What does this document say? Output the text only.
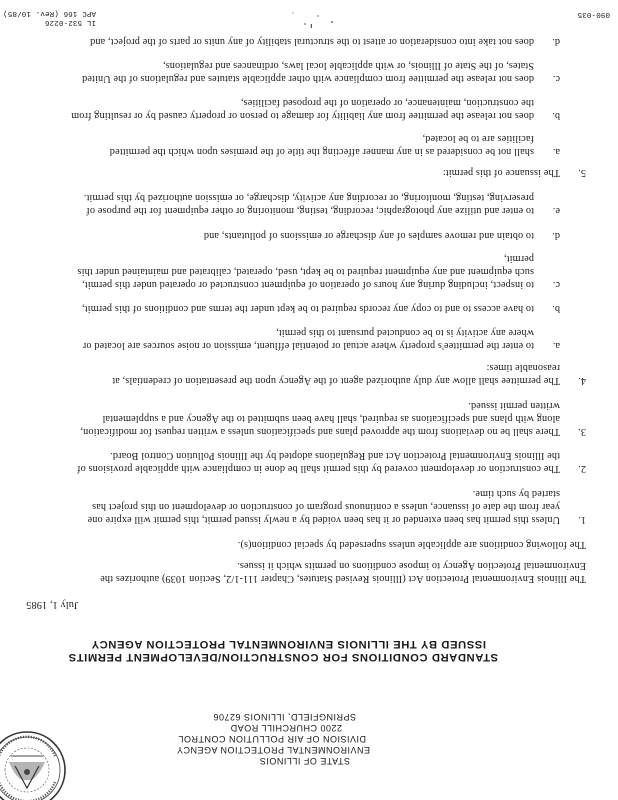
STATE OF ILLINOIS
ENVIRONMENTAL PROTECTION AGENCY
DIVISION OF AIR POLLUTION CONTROL
2200 CHURCHILL ROAD
SPRINGFIELD, ILLINOIS 62706
STANDARD CONDITIONS FOR CONSTRUCTION/DEVELOPMENT PERMITS
ISSUED BY THE ILLINOIS ENVIRONMENTAL PROTECTION AGENCY
July 1, 1985
The Illinois Environmental Protection Act (Illinois Revised Statutes, Chapter 111-1/2, Section 1039) authorizes the
Environmental Protection Agency to impose conditions on permits which it issues.
The following conditions are applicable unless superseded by special condition(s).
1.Unless this permit has been extended or it has been voided by a newly issued permit, this permit will expire one
year from the date of issuance, unless a continuous program of construction or development on this project has
started by such time.
2.The construction or development covered by this permit shall be done in compliance with applicable provisions of
the Illinois Environmental Protection Act and Regulations adopted by the Illinois Pollution Control Board.
3.There shall be no deviations from the approved plans and specifications unless a written request for modification,
along with plans and specifications as required, shall have been submitted to the Agency and a supplemental
written permit issued.
4.The permittee shall allow any duly authorized agent of the Agency upon the presentation of credentials, at
reasonable times:
a.to enter the permittee's property where actual or potential effluent, emission or noise sources are located or
where any activity is to be conducted pursuant to this permit,
b.to have access to and to copy any records required to be kept under the terms and conditions of this permit,
c.to inspect, including during any hours of operation of equipment constructed or operated under this permit,
such equipment and any equipment required to be kept, used, operated, calibrated and maintained under this
permit,
d.to obtain and remove samples of any discharge or emissions of pollutants, and
e.to enter and utilize any photographic, recording, testing, monitoring or other equipment for the purpose of
preserving, testing, monitoring, or recording any activity, discharge, or emission authorized by this permit.
5.The issuance of this permit:
a.shall not be considered as in any manner affecting the title of the premises upon which the permitted
facilities are to be located,
b.does not release the permittee from any liability for damage to person or property caused by or resulting from
the construction, maintenance, or operation of the proposed facilities,
c.does not release the permittee from compliance with other applicable statutes and regulations of the United
States, of the State of Illinois, or with applicable local laws, ordinances and regulations,
d.does not take into consideration or attest to the structural stability of any units or parts of the project, and
IL 532-0226
APC 166 (Rev. 10/85)	090-035
